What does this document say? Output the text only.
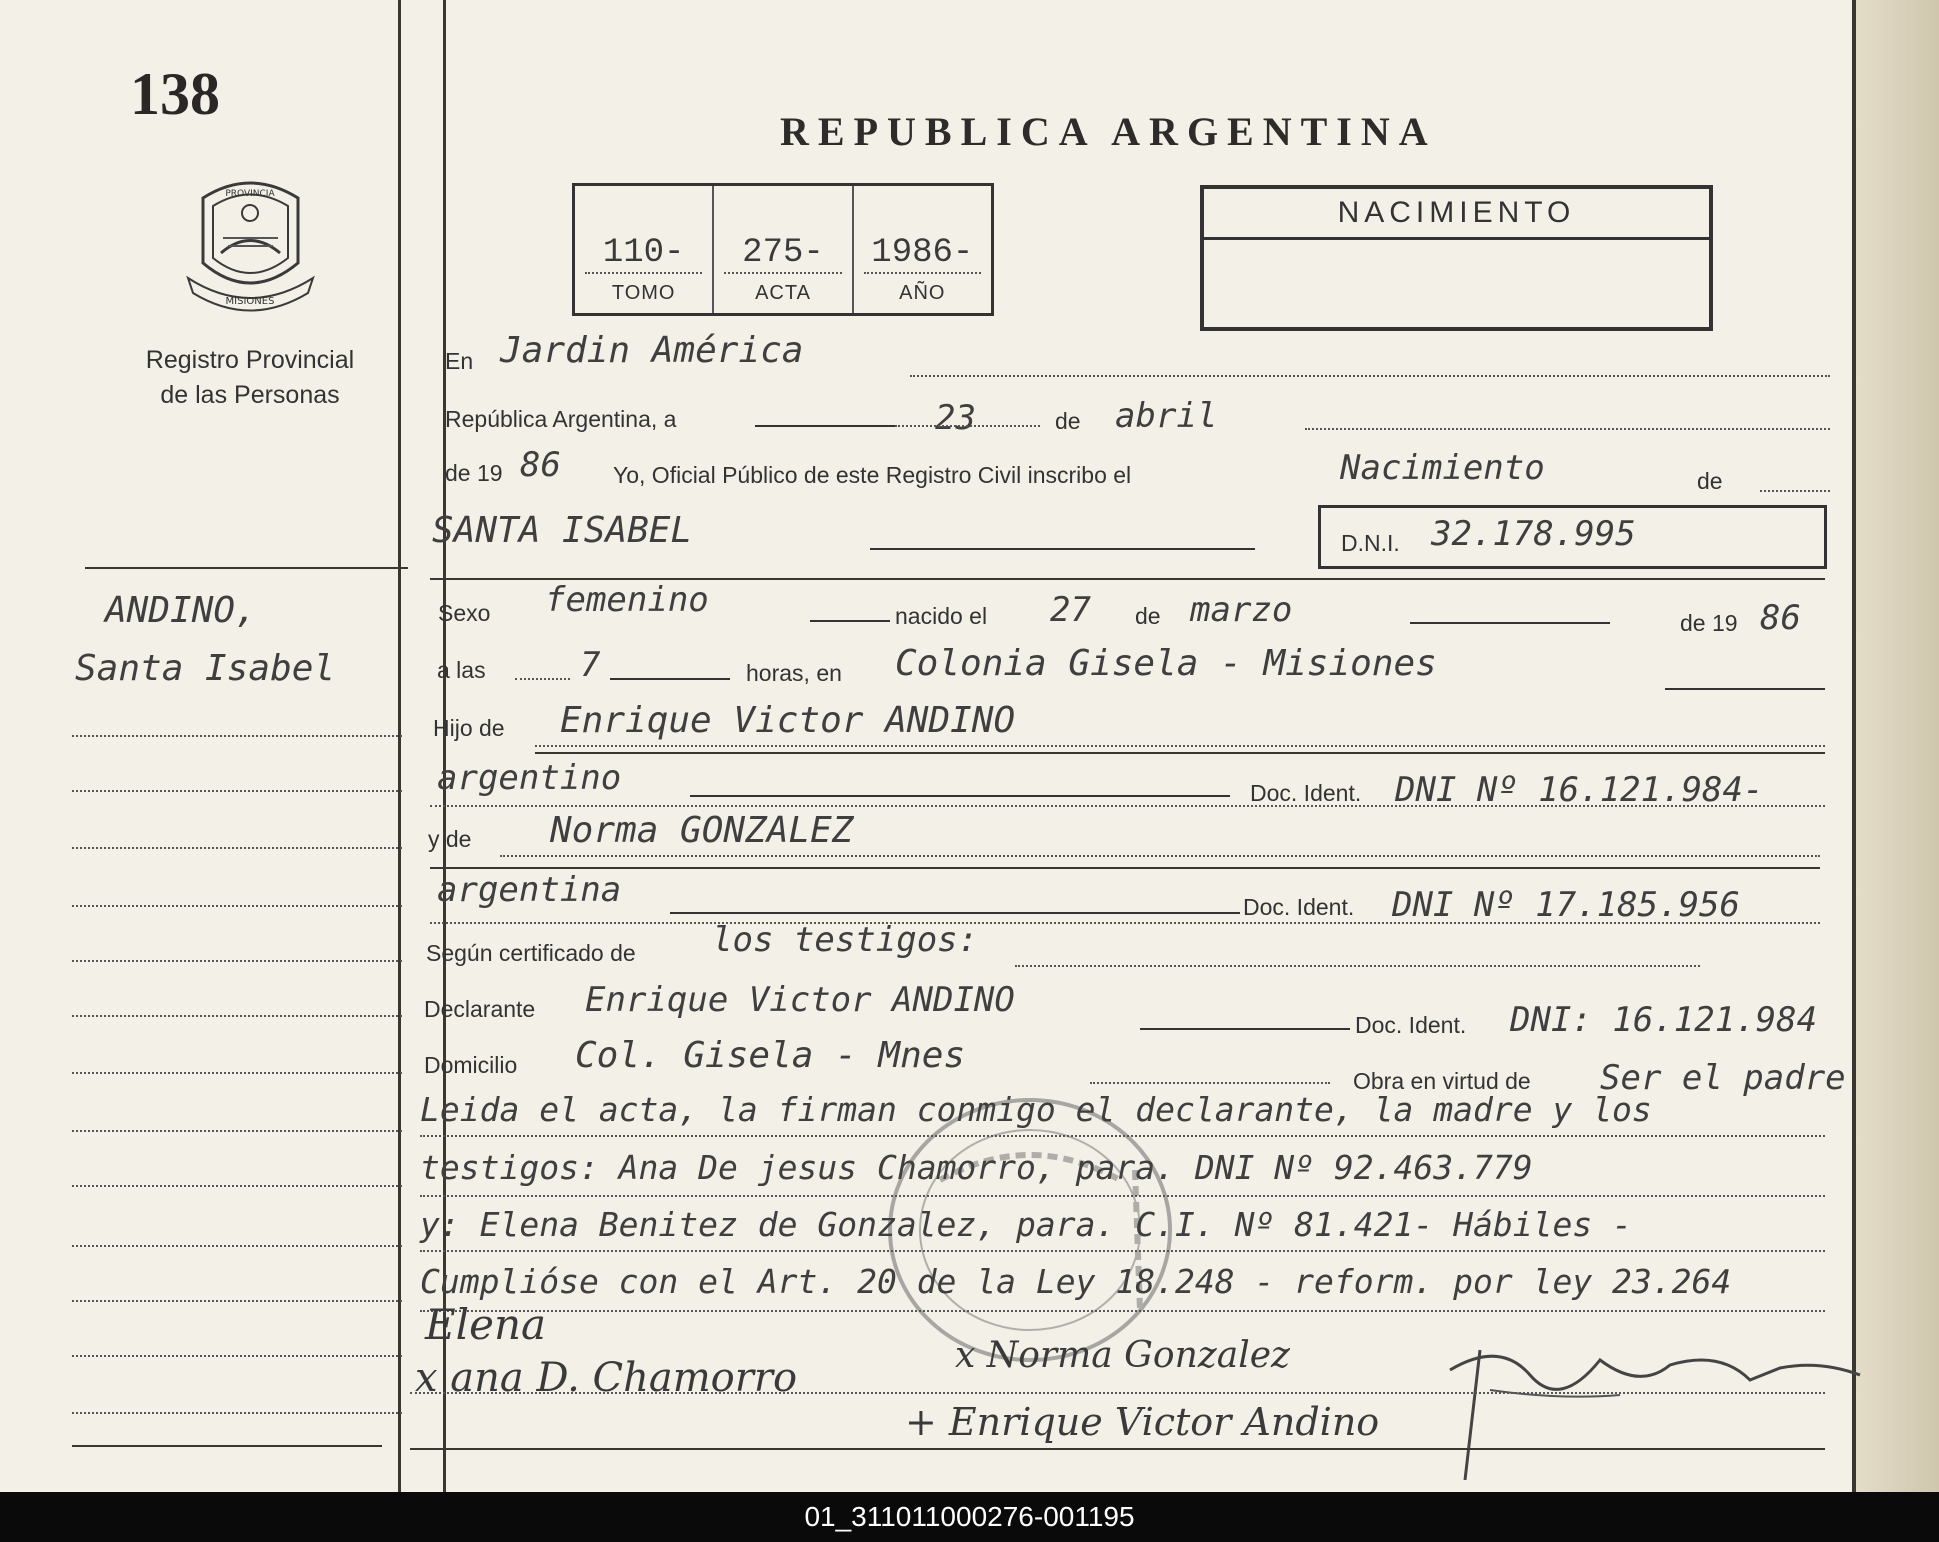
138
PROVINCIA
MISIONES
Registro Provincial
de las Personas
ANDINO,
Santa Isabel
REPUBLICA ARGENTINA
110-
TOMO
275-
ACTA
1986-
AÑO
NACIMIENTO
En Jardin América
República Argentina, a	23	de abril
de 19 86 Yo, Oficial Público de este Registro Civil inscribo el	Nacimiento	de
SANTA ISABEL	D.N.I. 32.178.995
Sexo femenino	nacido el 27 de marzo	de 19 86
a las	7	horas, en Colonia Gisela - Misiones
Hijo de Enrique Victor ANDINO
argentino	Doc. Ident. DNI Nº 16.121.984-
y de Norma GONZALEZ
argentina	Doc. Ident. DNI Nº 17.185.956
Según certificado de los testigos:
Declarante Enrique Victor ANDINO
Doc. Ident. DNI: 16.121.984
Domicilio Col. Gisela - Mnes
Obra en virtud de Ser el padre
Leida el acta, la firman conmigo el declarante, la madre y los
testigos: Ana De jesus Chamorro, para. DNI Nº 92.463.779
y: Elena Benitez de Gonzalez, para. C.I. Nº 81.421- Hábiles -
Cumplióse con el Art. 20 de la Ley 18.248 - reform. por ley 23.264
Elena
x ana D. Chamorro	x Norma Gonzalez
+ Enrique Victor Andino
01_311011000276-001195
